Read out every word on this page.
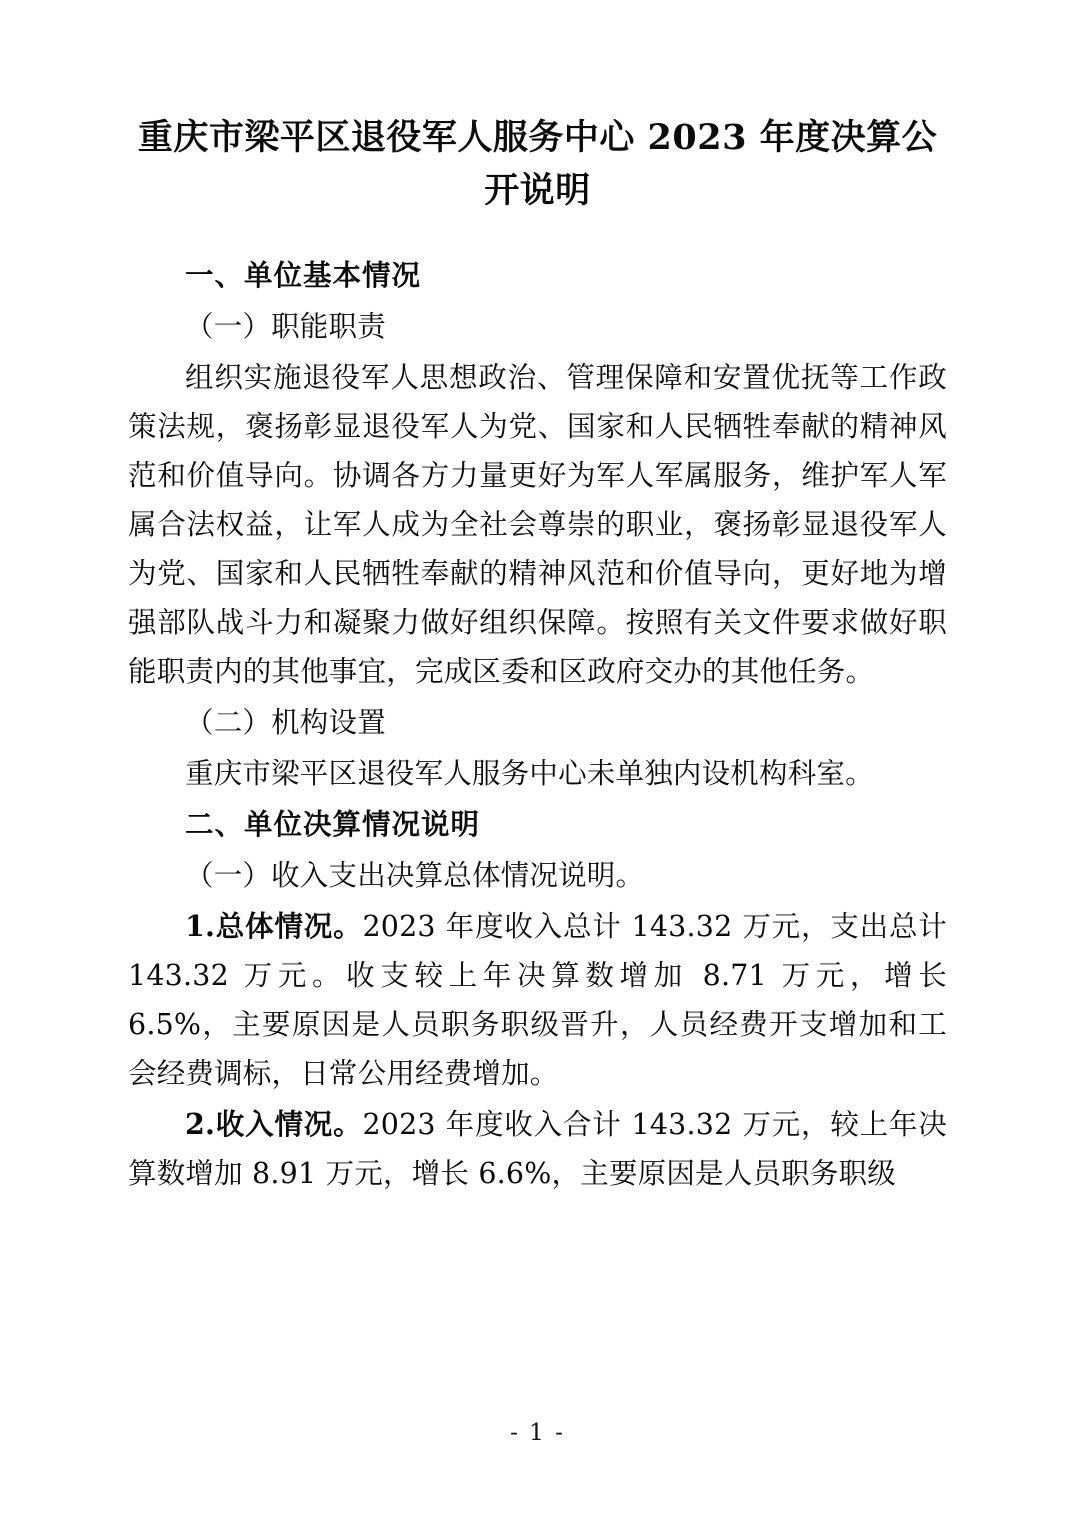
重庆市梁平区退役军人服务中心 2023 年度决算公开说明

一、单位基本情况

（一）职能职责

组织实施退役军人思想政治、管理保障和安置优抚等工作政策法规，褒扬彰显退役军人为党、国家和人民牺牲奉献的精神风范和价值导向。协调各方力量更好为军人军属服务，维护军人军属合法权益，让军人成为全社会尊崇的职业，褒扬彰显退役军人为党、国家和人民牺牲奉献的精神风范和价值导向，更好地为增强部队战斗力和凝聚力做好组织保障。按照有关文件要求做好职能职责内的其他事宜，完成区委和区政府交办的其他任务。

（二）机构设置

重庆市梁平区退役军人服务中心未单独内设机构科室。

二、单位决算情况说明

（一）收入支出决算总体情况说明。

1.总体情况。2023 年度收入总计 143.32 万元，支出总计 143.32 万元。收支较上年决算数增加 8.71 万元，增长 6.5%，主要原因是人员职务职级晋升，人员经费开支增加和工会经费调标，日常公用经费增加。

2.收入情况。2023 年度收入合计 143.32 万元，较上年决算数增加 8.91 万元，增长 6.6%，主要原因是人员职务职级

- 1 -
